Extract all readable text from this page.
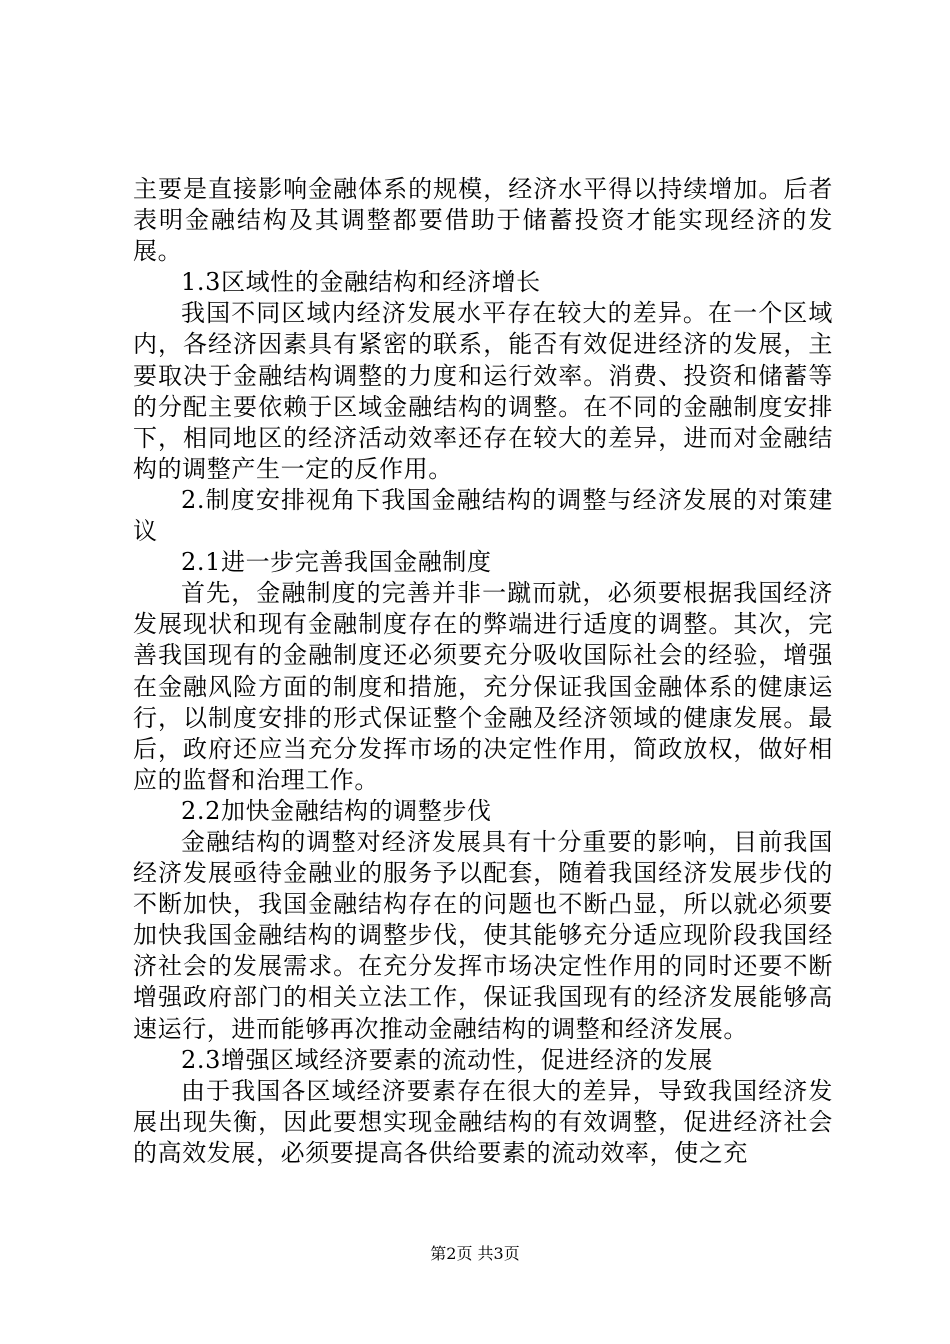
主要是直接影响金融体系的规模，经济水平得以持续增加。后者表明金融结构及其调整都要借助于储蓄投资才能实现经济的发展。

1.3区域性的金融结构和经济增长

我国不同区域内经济发展水平存在较大的差异。在一个区域内，各经济因素具有紧密的联系，能否有效促进经济的发展，主要取决于金融结构调整的力度和运行效率。消费、投资和储蓄等的分配主要依赖于区域金融结构的调整。在不同的金融制度安排下，相同地区的经济活动效率还存在较大的差异，进而对金融结构的调整产生一定的反作用。

2.制度安排视角下我国金融结构的调整与经济发展的对策建议

2.1进一步完善我国金融制度

首先，金融制度的完善并非一蹴而就，必须要根据我国经济发展现状和现有金融制度存在的弊端进行适度的调整。其次，完善我国现有的金融制度还必须要充分吸收国际社会的经验，增强在金融风险方面的制度和措施，充分保证我国金融体系的健康运行，以制度安排的形式保证整个金融及经济领域的健康发展。最后，政府还应当充分发挥市场的决定性作用，简政放权，做好相应的监督和治理工作。

2.2加快金融结构的调整步伐

金融结构的调整对经济发展具有十分重要的影响，目前我国经济发展亟待金融业的服务予以配套，随着我国经济发展步伐的不断加快，我国金融结构存在的问题也不断凸显，所以就必须要加快我国金融结构的调整步伐，使其能够充分适应现阶段我国经济社会的发展需求。在充分发挥市场决定性作用的同时还要不断增强政府部门的相关立法工作，保证我国现有的经济发展能够高速运行，进而能够再次推动金融结构的调整和经济发展。

2.3增强区域经济要素的流动性，促进经济的发展

由于我国各区域经济要素存在很大的差异，导致我国经济发展出现失衡，因此要想实现金融结构的有效调整，促进经济社会的高效发展，必须要提高各供给要素的流动效率，使之充

第2页 共3页
